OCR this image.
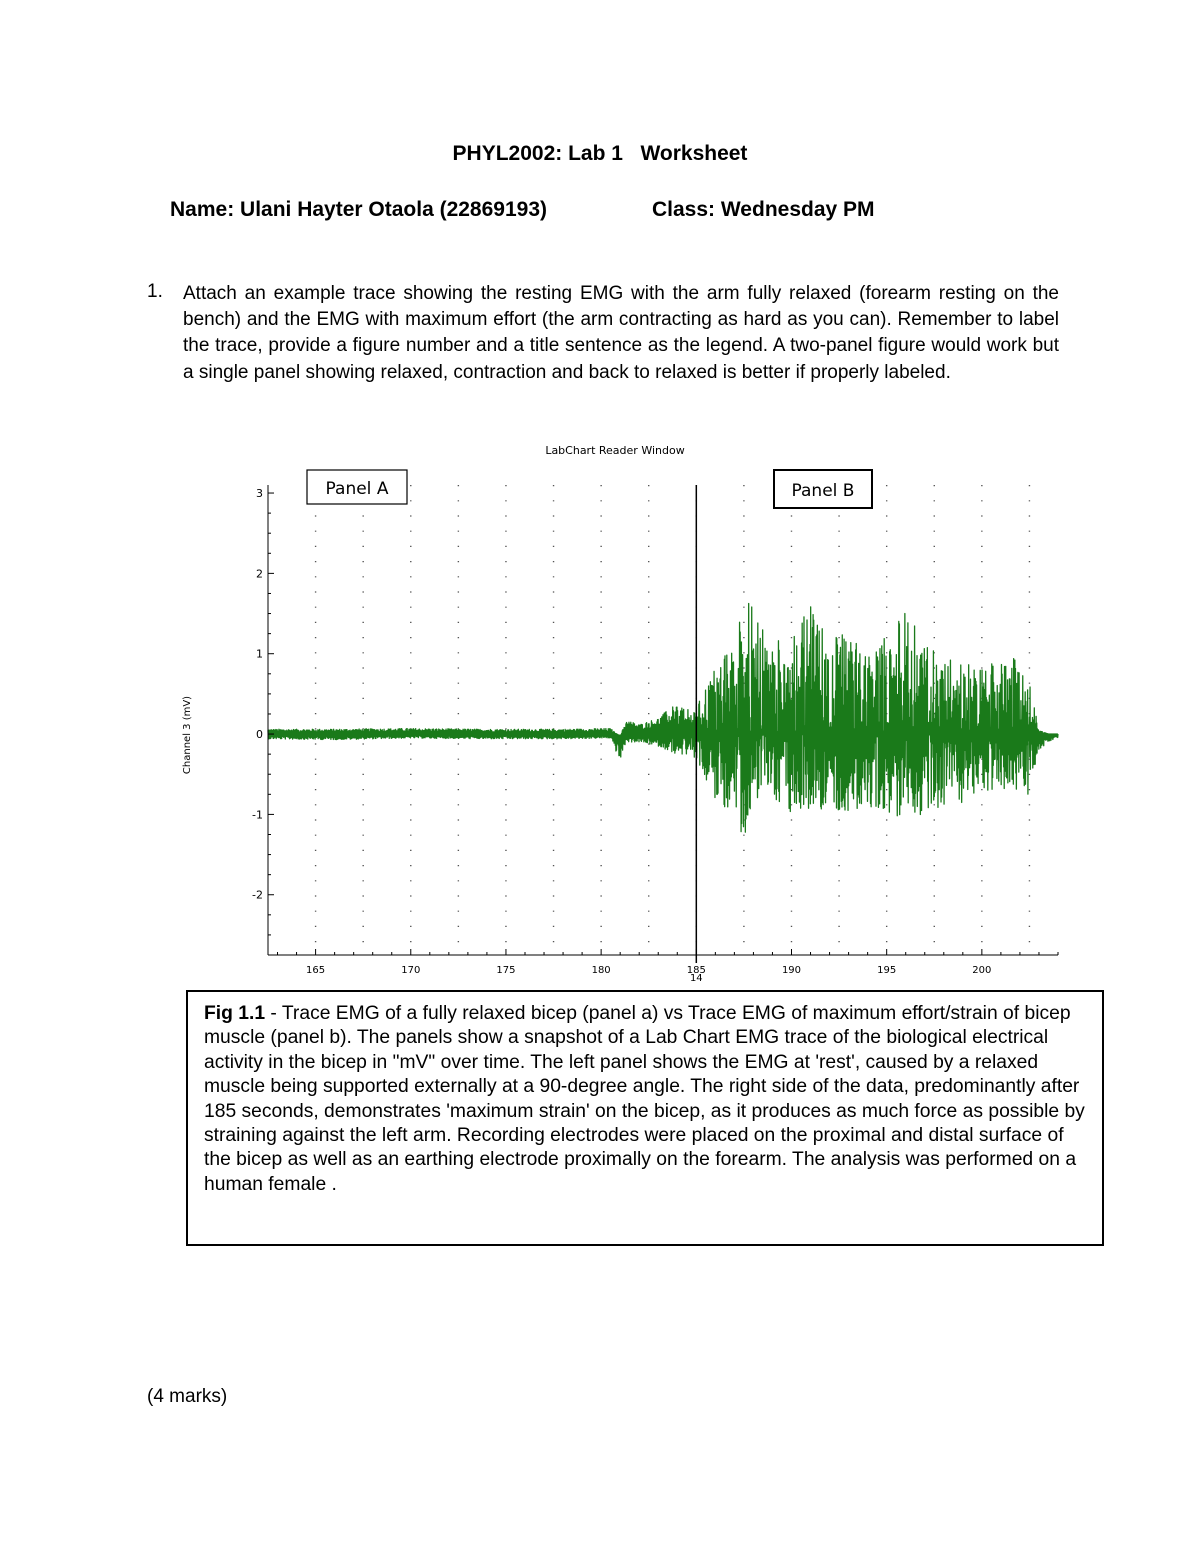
PHYL2002: Lab 1   Worksheet
Name: Ulani Hayter Otaola (22869193)	Class: Wednesday PM
1. Attach an example trace showing the resting EMG with the arm fully relaxed (forearm resting on the bench) and the EMG with maximum effort (the arm contracting as hard as you can). Remember to label the trace, provide a figure number and a title sentence as the legend. A two-panel figure would work but a single panel showing relaxed, contraction and back to relaxed is better if properly labeled.
3
2
1
0
-1
-2
165	170	175	180	185	190	195	200
14
LabChart Reader Window
Channel 3 (mV)
Panel A	Panel B
Fig 1.1 - Trace EMG of a fully relaxed bicep (panel a) vs Trace EMG of maximum effort/strain of bicep muscle (panel b). The panels show a snapshot of a Lab Chart EMG trace of the biological electrical activity in the bicep in "mV" over time. The left panel shows the EMG at 'rest', caused by a relaxed muscle being supported externally at a 90-degree angle. The right side of the data, predominantly after 185 seconds, demonstrates 'maximum strain' on the bicep, as it produces as much force as possible by straining against the left arm. Recording electrodes were placed on the proximal and distal surface of the bicep as well as an earthing electrode proximally on the forearm. The analysis was performed on a human female .
(4 marks)
